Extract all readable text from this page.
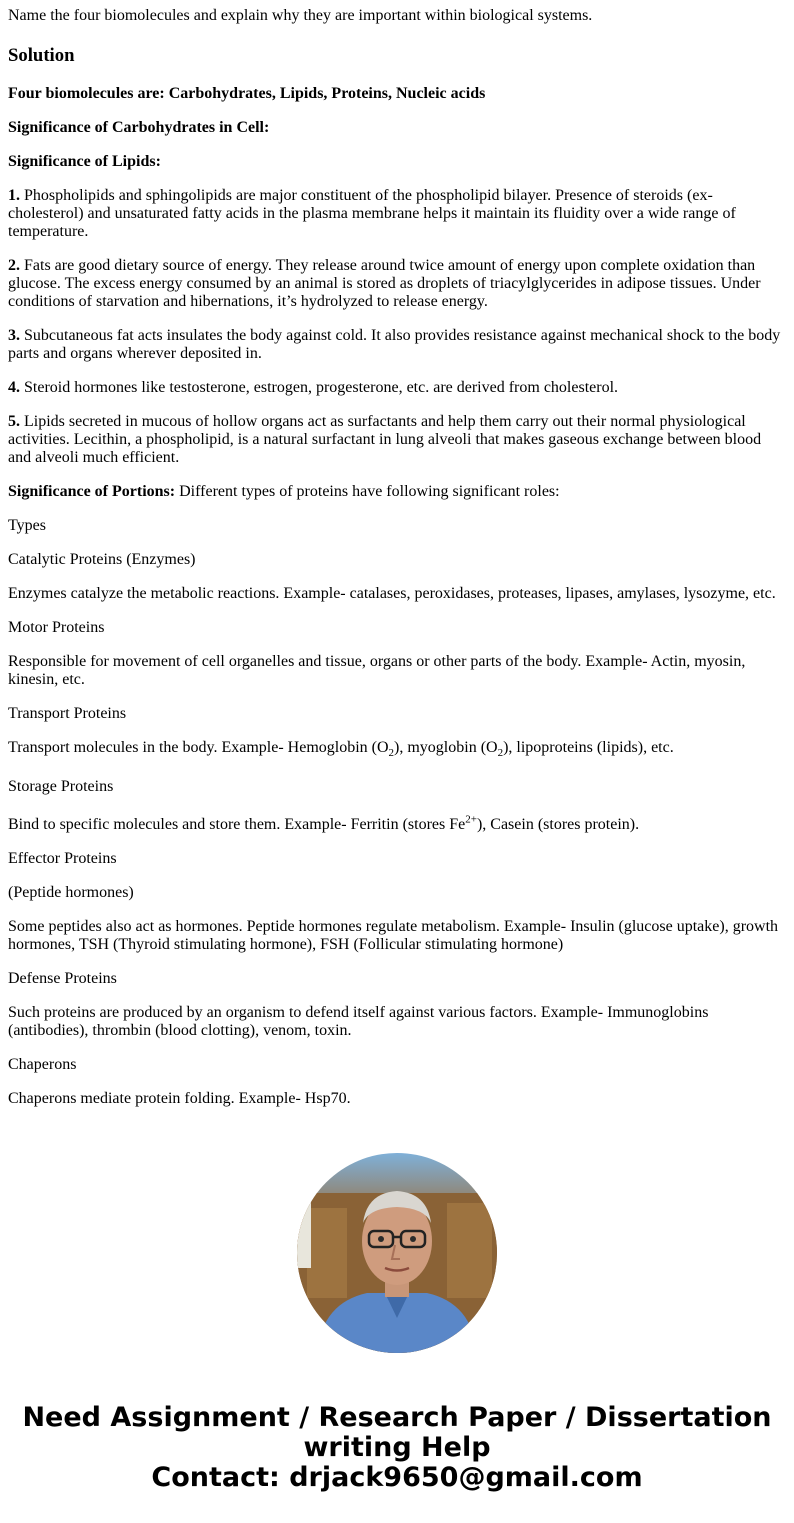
Name the four biomolecules and explain why they are important within biological systems.

Solution

Four biomolecules are: Carbohydrates, Lipids, Proteins, Nucleic acids

Significance of Carbohydrates in Cell:

Significance of Lipids:

1. Phospholipids and sphingolipids are major constituent of the phospholipid bilayer. Presence of steroids (ex-cholesterol) and unsaturated fatty acids in the plasma membrane helps it maintain its fluidity over a wide range of temperature.

2. Fats are good dietary source of energy. They release around twice amount of energy upon complete oxidation than glucose. The excess energy consumed by an animal is stored as droplets of triacylglycerides in adipose tissues. Under conditions of starvation and hibernations, it’s hydrolyzed to release energy.

3. Subcutaneous fat acts insulates the body against cold. It also provides resistance against mechanical shock to the body parts and organs wherever deposited in.

4. Steroid hormones like testosterone, estrogen, progesterone, etc. are derived from cholesterol.

5. Lipids secreted in mucous of hollow organs act as surfactants and help them carry out their normal physiological activities. Lecithin, a phospholipid, is a natural surfactant in lung alveoli that makes gaseous exchange between blood and alveoli much efficient.

Significance of Portions: Different types of proteins have following significant roles:

Types

Catalytic Proteins (Enzymes)

Enzymes catalyze the metabolic reactions. Example- catalases, peroxidases, proteases, lipases, amylases, lysozyme, etc.

Motor Proteins

Responsible for movement of cell organelles and tissue, organs or other parts of the body. Example- Actin, myosin, kinesin, etc.

Transport Proteins

Transport molecules in the body. Example- Hemoglobin $(O_2)$, myoglobin $(O_2)$, lipoproteins (lipids), etc.

Storage Proteins

Bind to specific molecules and store them. Example- Ferritin (stores $Fe^{2+}$), Casein (stores protein).

Effector Proteins

(Peptide hormones)

Some peptides also act as hormones. Peptide hormones regulate metabolism. Example- Insulin (glucose uptake), growth hormones, TSH (Thyroid stimulating hormone), FSH (Follicular stimulating hormone)

Defense Proteins

Such proteins are produced by an organism to defend itself against various factors. Example- Immunoglobins (antibodies), thrombin (blood clotting), venom, toxin.

Chaperons

Chaperons mediate protein folding. Example- Hsp70.

Need Assignment / Research Paper / Dissertation
writing Help
Contact: drjack9650@gmail.com
